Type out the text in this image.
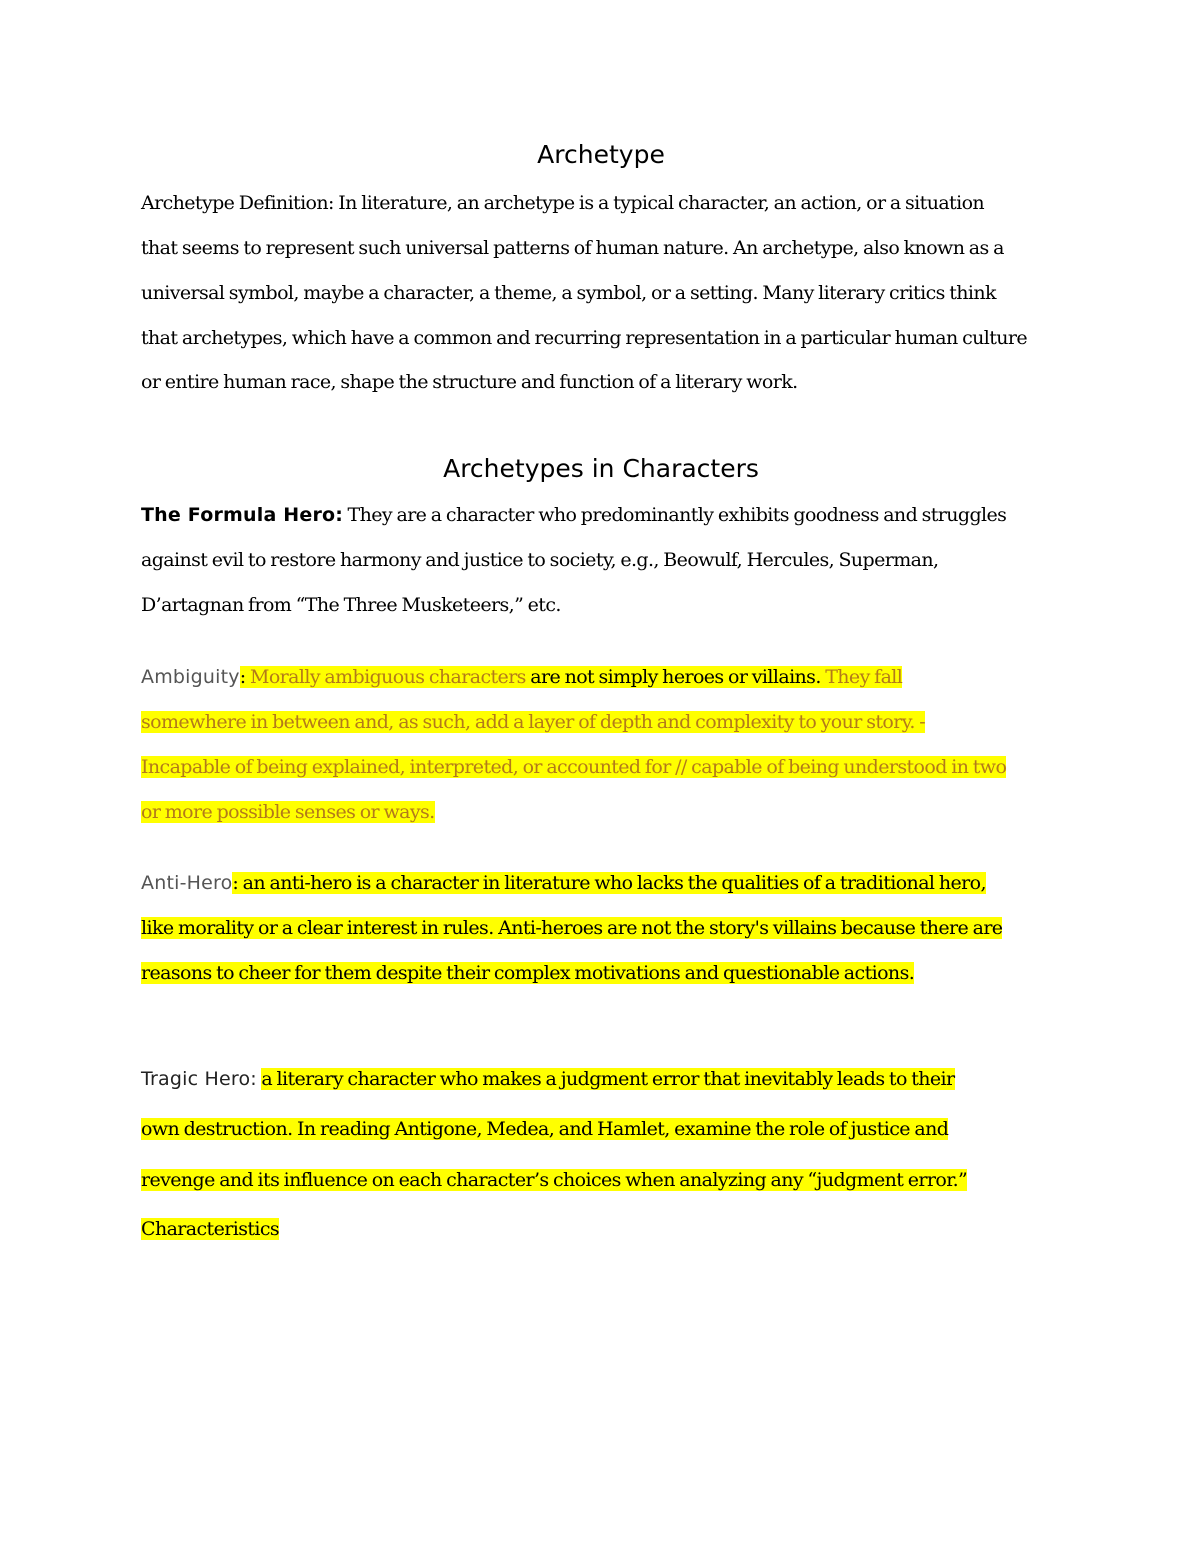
Archetype
Archetype Definition: In literature, an archetype is a typical character, an action, or a situation
that seems to represent such universal patterns of human nature. An archetype, also known as a
universal symbol, maybe a character, a theme, a symbol, or a setting. Many literary critics think
that archetypes, which have a common and recurring representation in a particular human culture
or entire human race, shape the structure and function of a literary work.
Archetypes in Characters
The Formula Hero: They are a character who predominantly exhibits goodness and struggles
against evil to restore harmony and justice to society, e.g., Beowulf, Hercules, Superman,
D’artagnan from “The Three Musketeers,” etc.
Ambiguity: Morally ambiguous characters are not simply heroes or villains. They fall
somewhere in between and, as such, add a layer of depth and complexity to your story. -
Incapable of being explained, interpreted, or accounted for // capable of being understood in two
or more possible senses or ways.
Anti-Hero: an anti-hero is a character in literature who lacks the qualities of a traditional hero,
like morality or a clear interest in rules. Anti-heroes are not the story's villains because there are
reasons to cheer for them despite their complex motivations and questionable actions.
Tragic Hero: a literary character who makes a judgment error that inevitably leads to their
own destruction. In reading Antigone, Medea, and Hamlet, examine the role of justice and
revenge and its influence on each character’s choices when analyzing any “judgment error.”
Characteristics
